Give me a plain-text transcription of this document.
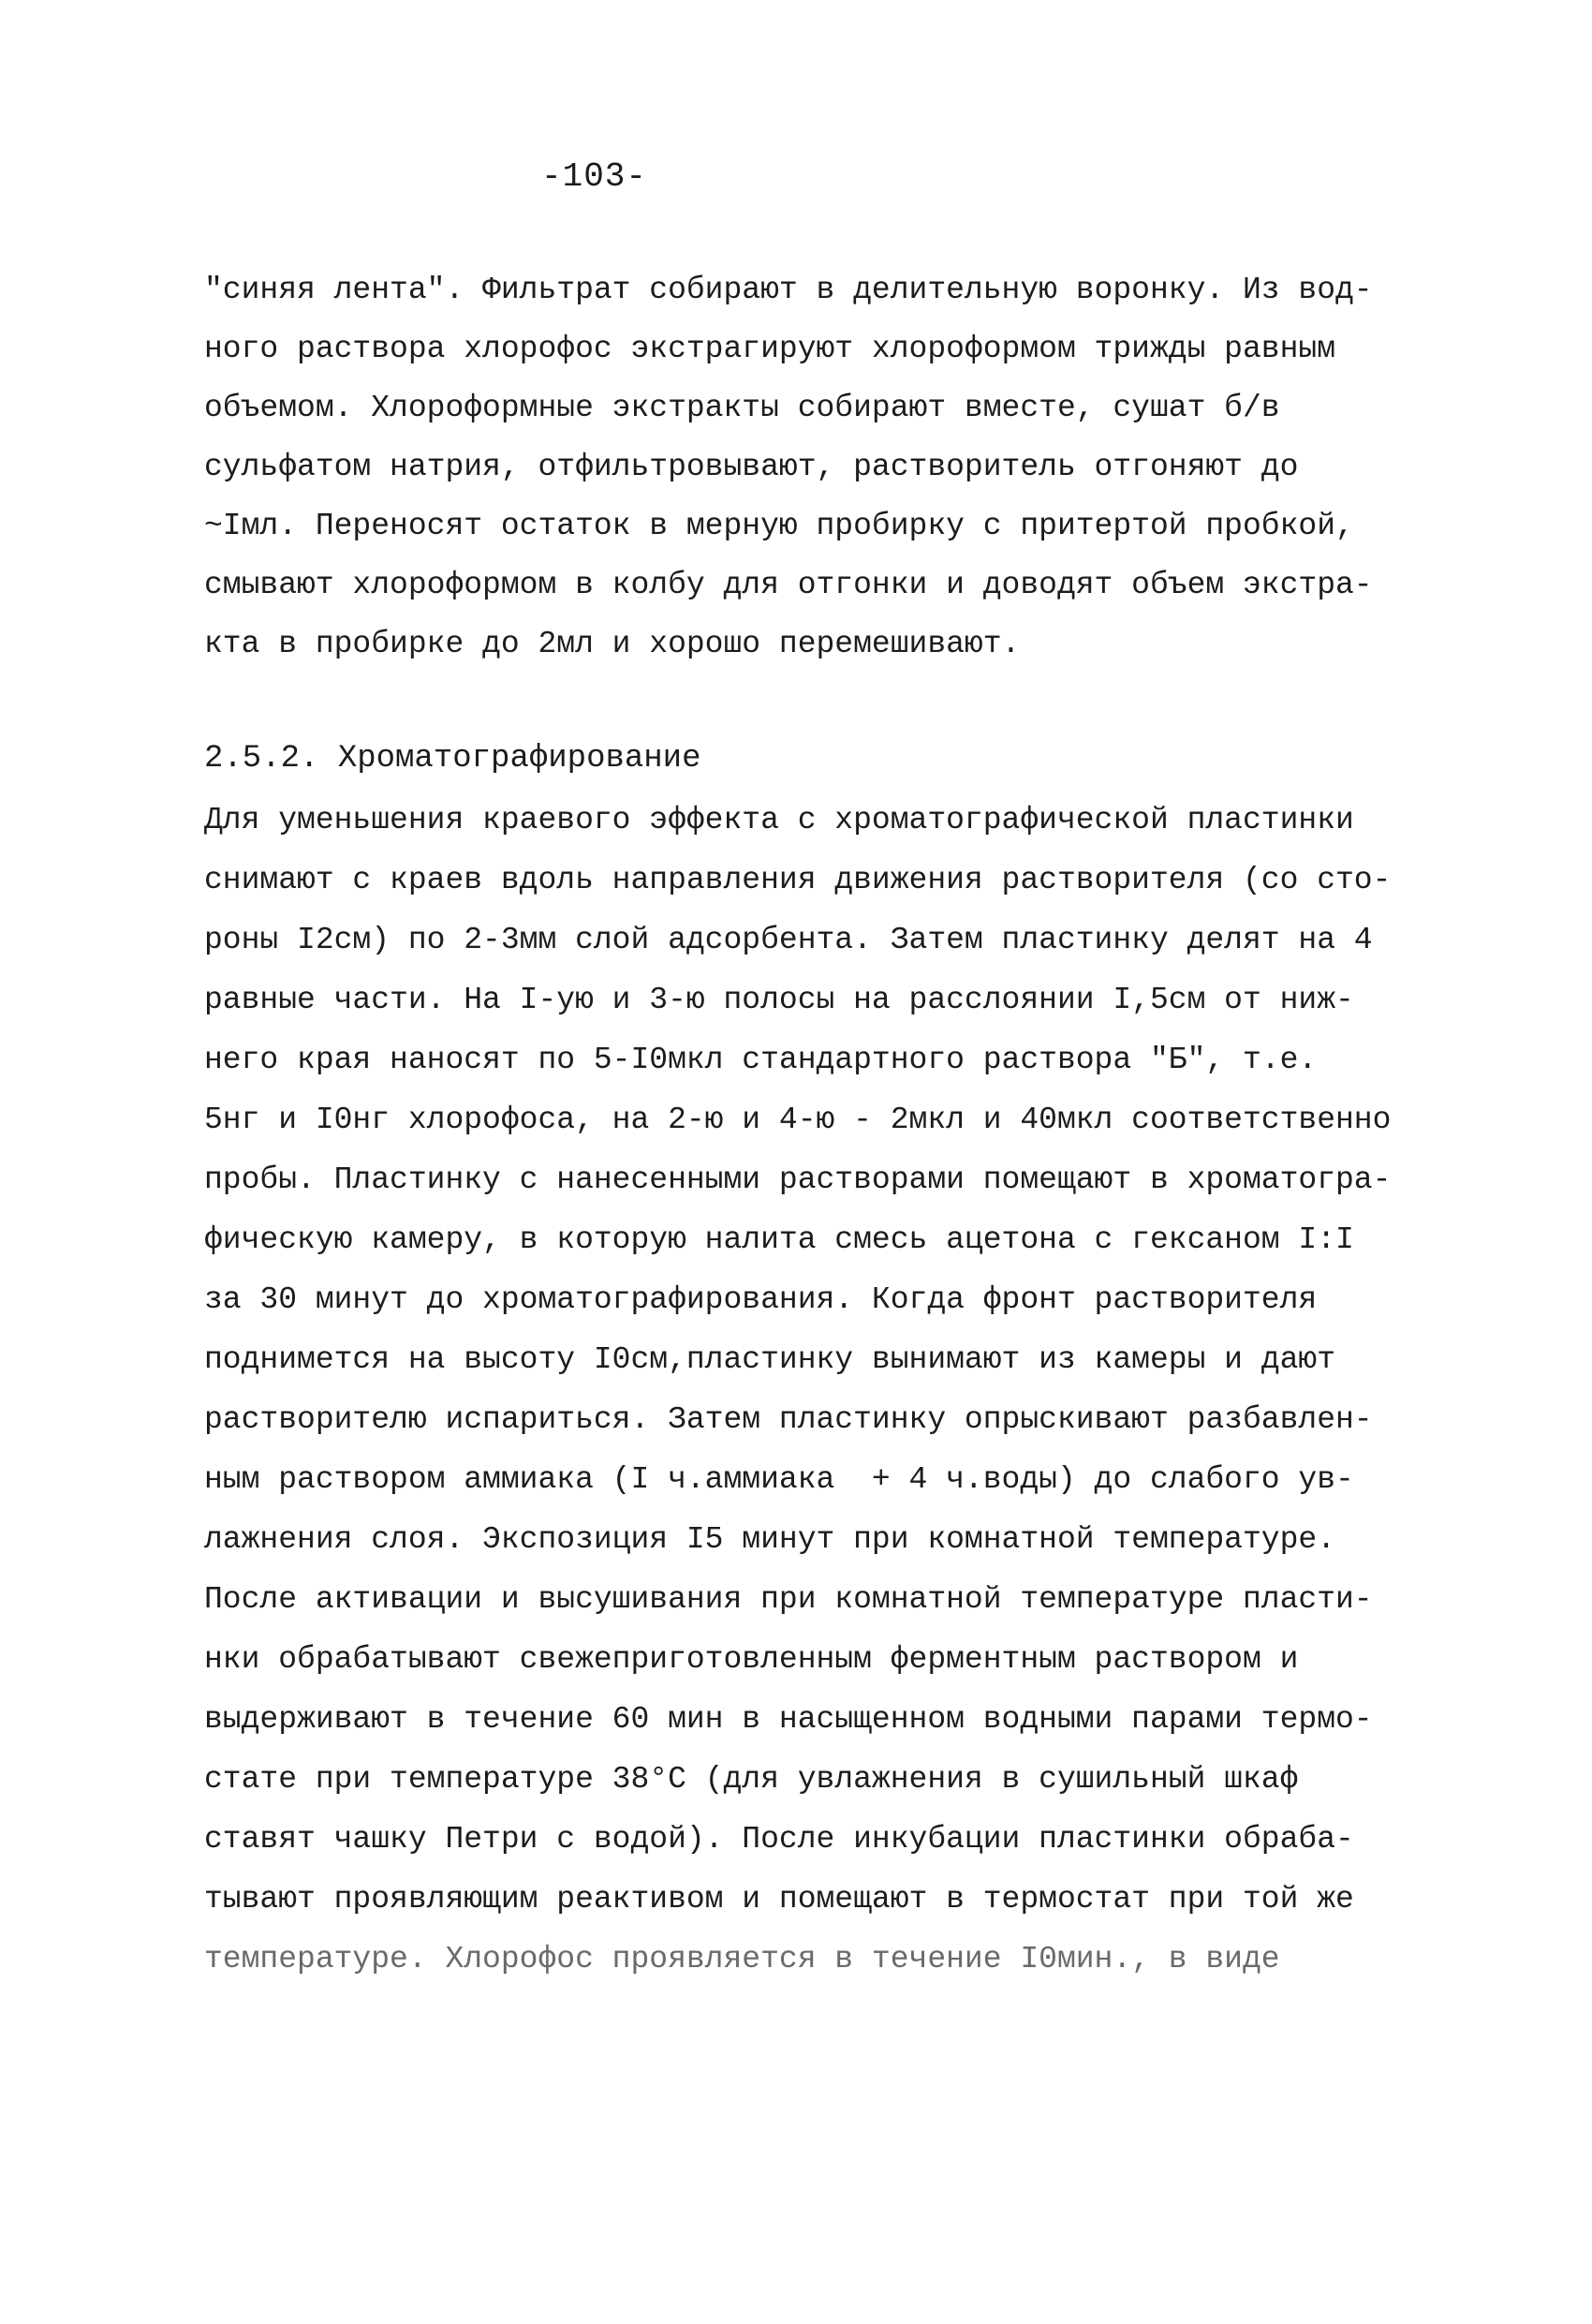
-103-
"синяя лента". Фильтрат собирают в делительную воронку. Из вод-
ного раствора хлорофос экстрагируют хлороформом трижды равным
объемом. Хлороформные экстракты собирают вместе, сушат б/в
сульфатом натрия, отфильтровывают, растворитель отгоняют до
~Iмл. Переносят остаток в мерную пробирку с притертой пробкой,
смывают хлороформом в колбу для отгонки и доводят объем экстра-
кта в пробирке до 2мл и хорошо перемешивают.
2.5.2. Хроматографирование
Для уменьшения краевого эффекта с хроматографической пластинки
снимают с краев вдоль направления движения растворителя (со сто-
роны I2см) по 2-3мм слой адсорбента. Затем пластинку делят на 4
равные части. На I-ую и 3-ю полосы на расслоянии I,5см от ниж-
него края наносят по 5-I0мкл стандартного раствора "Б", т.е.
5нг и I0нг хлорофоса, на 2-ю и 4-ю - 2мкл и 40мкл соответственно
пробы. Пластинку с нанесенными растворами помещают в хроматогра-
фическую камеру, в которую налита смесь ацетона с гексаном I:I
за 30 минут до хроматографирования. Когда фронт растворителя
поднимется на высоту I0см,пластинку вынимают из камеры и дают
растворителю испариться. Затем пластинку опрыскивают разбавлен-
ным раствором аммиака (I ч.аммиака  + 4 ч.воды) до слабого ув-
лажнения слоя. Экспозиция I5 минут при комнатной температуре.
После активации и высушивания при комнатной температуре пласти-
нки обрабатывают свежеприготовленным ферментным раствором и
выдерживают в течение 60 мин в насыщенном водными парами термо-
стате при температуре 38°C (для увлажнения в сушильный шкаф
ставят чашку Петри с водой). После инкубации пластинки обраба-
тывают проявляющим реактивом и помещают в термостат при той же
температуре. Хлорофос проявляется в течение I0мин., в виде
